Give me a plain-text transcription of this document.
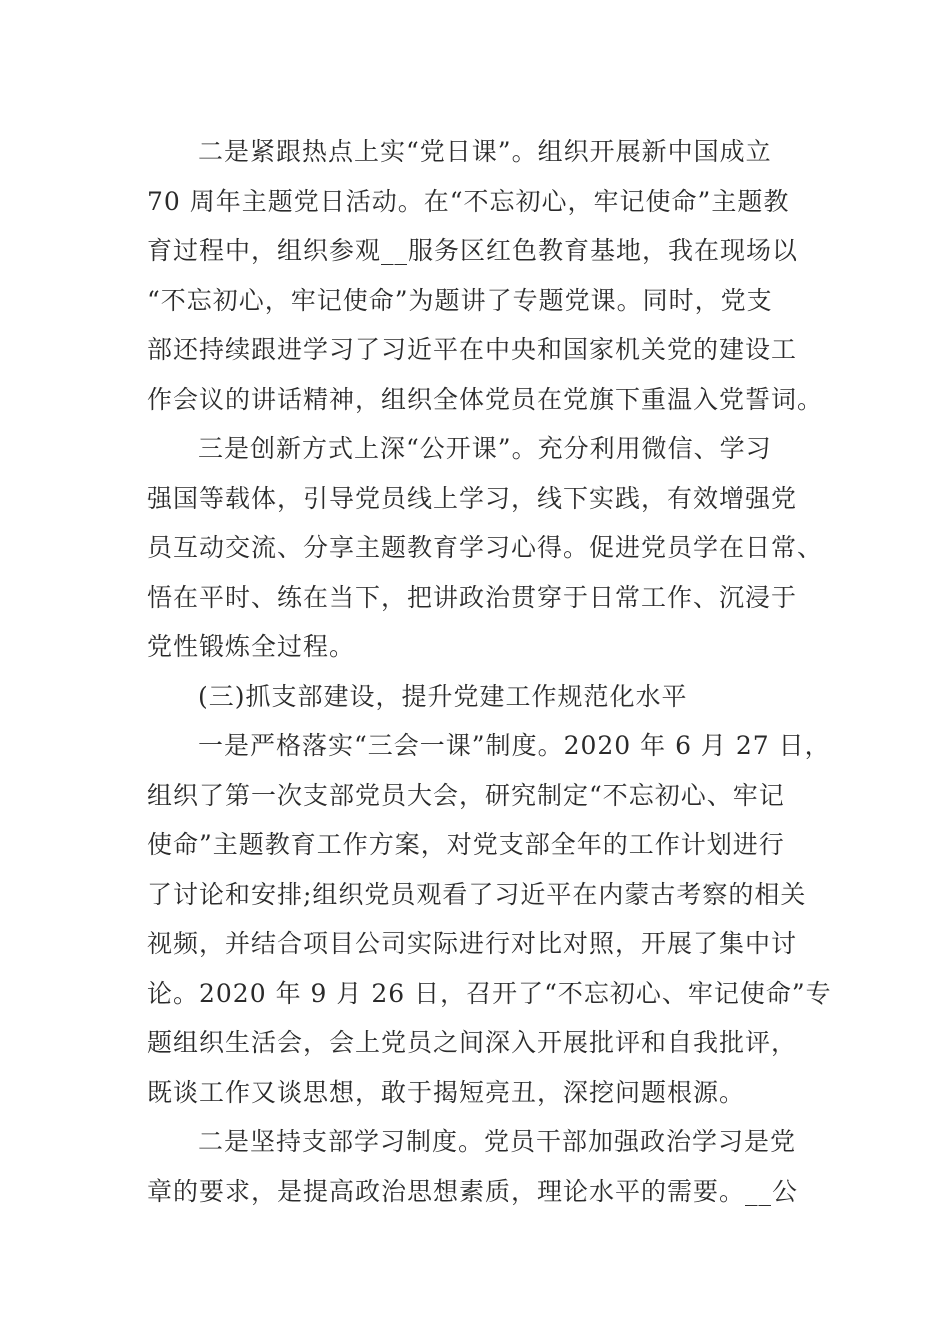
二是紧跟热点上实“党日课”。组织开展新中国成立
70 周年主题党日活动。在“不忘初心，牢记使命”主题教
育过程中，组织参观__服务区红色教育基地，我在现场以
“不忘初心，牢记使命”为题讲了专题党课。同时，党支
部还持续跟进学习了习近平在中央和国家机关党的建设工
作会议的讲话精神，组织全体党员在党旗下重温入党誓词。
三是创新方式上深“公开课”。充分利用微信、学习
强国等载体，引导党员线上学习，线下实践，有效增强党
员互动交流、分享主题教育学习心得。促进党员学在日常、
悟在平时、练在当下，把讲政治贯穿于日常工作、沉浸于
党性锻炼全过程。
(三)抓支部建设，提升党建工作规范化水平
一是严格落实“三会一课”制度。2020 年 6 月 27 日，
组织了第一次支部党员大会，研究制定“不忘初心、牢记
使命”主题教育工作方案，对党支部全年的工作计划进行
了讨论和安排;组织党员观看了习近平在内蒙古考察的相关
视频，并结合项目公司实际进行对比对照，开展了集中讨
论。2020 年 9 月 26 日，召开了“不忘初心、牢记使命”专
题组织生活会，会上党员之间深入开展批评和自我批评，
既谈工作又谈思想，敢于揭短亮丑，深挖问题根源。
二是坚持支部学习制度。党员干部加强政治学习是党
章的要求，是提高政治思想素质，理论水平的需要。__公
